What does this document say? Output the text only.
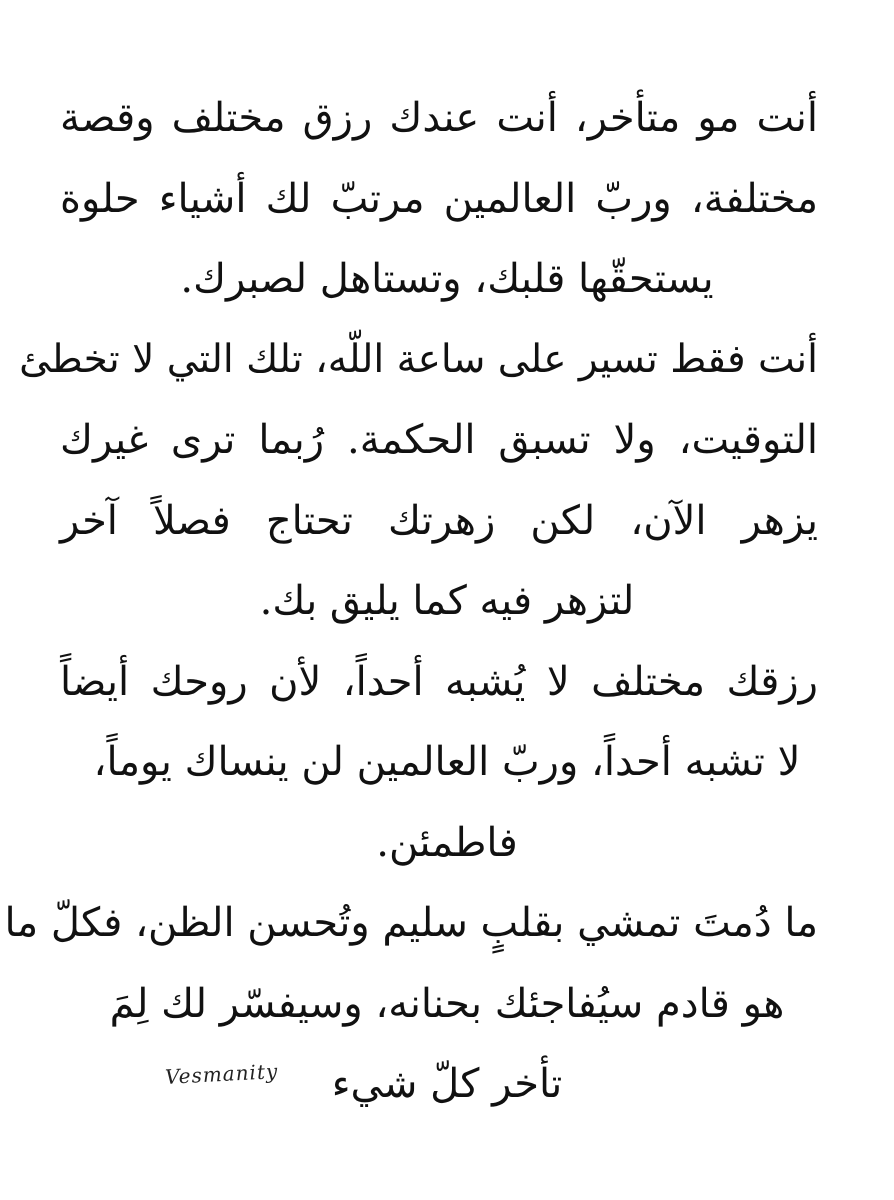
أنت مو متأخر، أنت عندك رزق مختلف وقصة
مختلفة، وربّ العالمين مرتبّ لك أشياء حلوة
يستحقّها قلبك، وتستاهل لصبرك.
أنت فقط تسير على ساعة اللّه، تلك التي لا تخطئ
التوقيت، ولا تسبق الحكمة. رُبما ترى غيرك
يزهر الآن، لكن زهرتك تحتاج فصلاً آخر
لتزهر فيه كما يليق بك.
رزقك مختلف لا يُشبه أحداً، لأن روحك أيضاً
لا تشبه أحداً، وربّ العالمين لن ينساك يوماً،
فاطمئن.
ما دُمتَ تمشي بقلبٍ سليم وتُحسن الظن، فكلّ ما
هو قادم سيُفاجئك بحنانه، وسيفسّر لك لِمَ
تأخر كلّ شيء
Vesmanity
